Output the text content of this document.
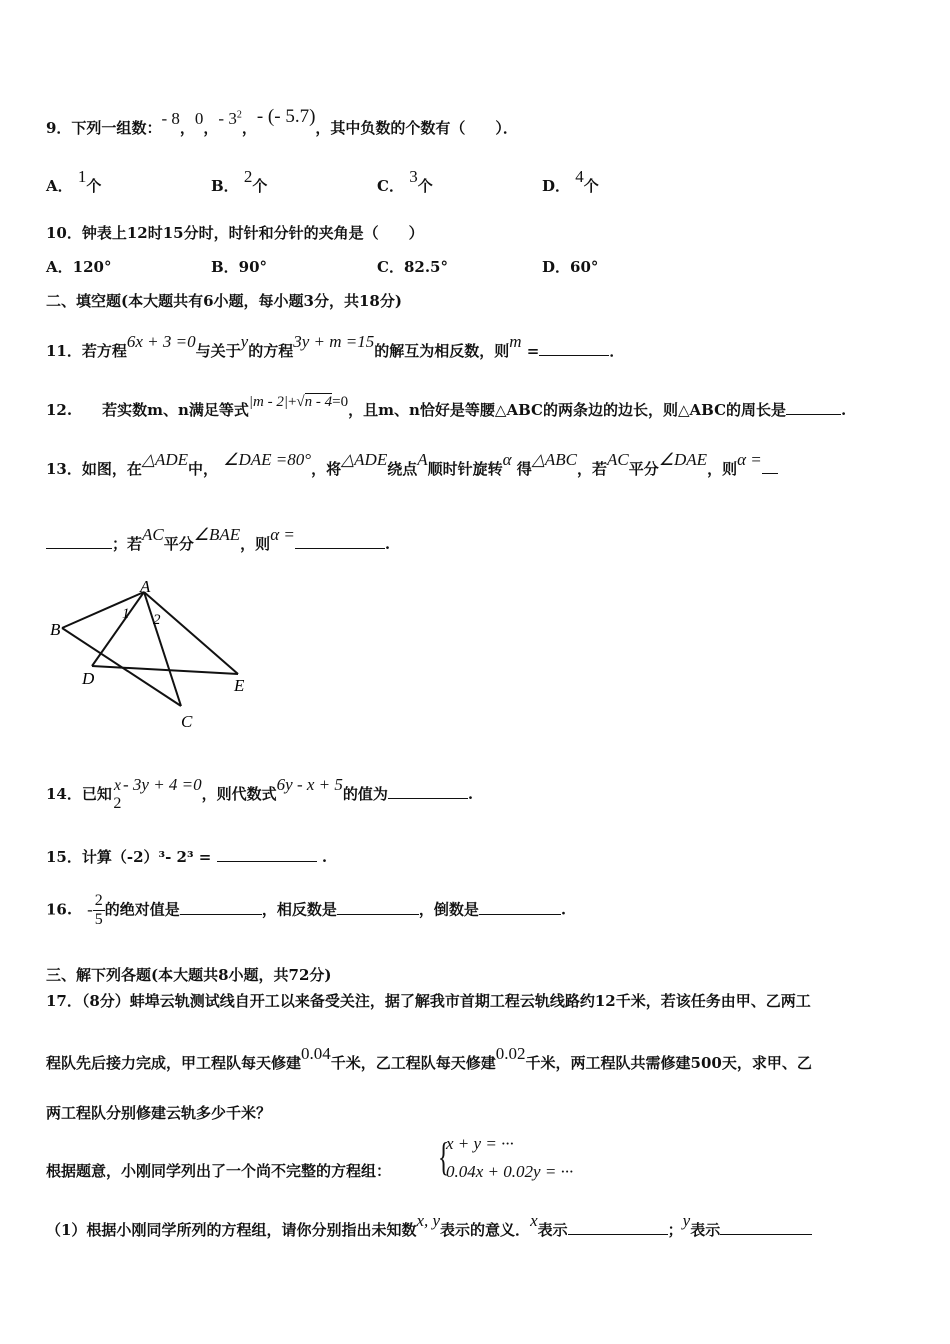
9．下列一组数：- 8，0，- $3^2$，- (- 5.7)，其中负数的个数有（　　）．
A． 1个	B． 2个	C． 3个	D． 4个
10．钟表上12时15分时，时针和分针的夹角是（　　）
A．120°	B．90°	C．82.5°	D．60°
二、填空题(本大题共有6小题，每小题3分，共18分)
11．若方程6x + 3 =0与关于y的方程3y + m =15的解互为相反数，则m =	．
12.　　若实数m、n满足等式|m - 2|+√n - 4=0，且m、n恰好是等腰△ABC的两条边的边长，则△ABC的周长是	.
13．如图，在△ADE中， ∠DAE =80°，将△ADE绕点A顺时针旋转α 得△ABC，若AC平分∠DAE，则α =
；若AC平分∠BAE，则α =	.
A
B
D	E
C
1 2
14．已知 x
2
- 3y + 4 =0，则代数式6y - x + 5的值为	.
15．计算（-2）³- 2³ =	.
16.　 - $\frac{2}{5}$ 的绝对值是	，相反数是	，倒数是	.
三、解下列各题(本大题共8小题，共72分)
17．（8分）蚌埠云轨测试线自开工以来备受关注，据了解我市首期工程云轨线路约12千米，若该任务由甲、乙两工
程队先后接力完成，甲工程队每天修建0.04千米，乙工程队每天修建0.02千米，两工程队共需修建500天，求甲、乙
两工程队分别修建云轨多少千米？
根据题意，小刚同学列出了一个尚不完整的方程组： {
x + y = ···
0.04x + 0.02y = ···
（1）根据小刚同学所列的方程组，请你分别指出未知数x, y表示的意义．x表示	；y表示
